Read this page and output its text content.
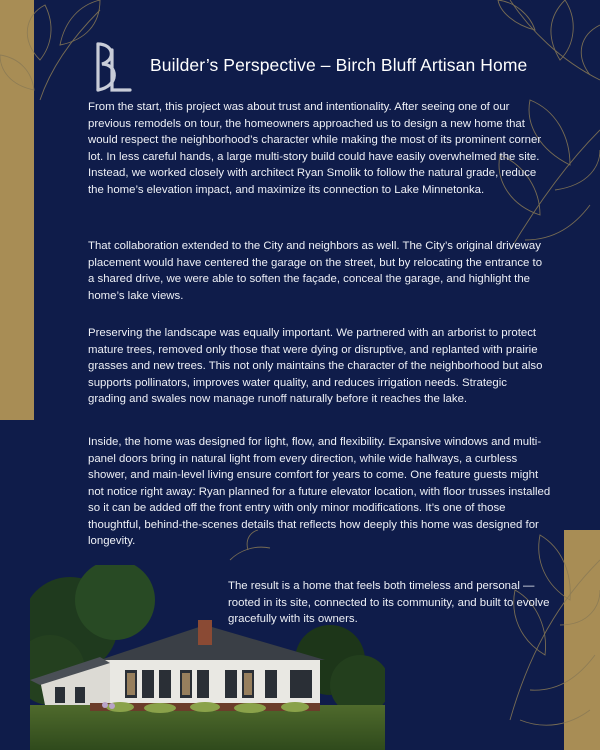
BL Builder’s Perspective – Birch Bluff Artisan Home

From the start, this project was about trust and intentionality. After seeing one of our previous remodels on tour, the homeowners approached us to design a new home that would respect the neighborhood’s character while making the most of its prominent corner lot. In less careful hands, a large multi-story build could have easily overwhelmed the site. Instead, we worked closely with architect Ryan Smolik to follow the natural grade, reduce the home’s elevation impact, and maximize its connection to Lake Minnetonka.

That collaboration extended to the City and neighbors as well. The City’s original driveway placement would have centered the garage on the street, but by relocating the entrance to a shared drive, we were able to soften the façade, conceal the garage, and highlight the home’s lake views.

Preserving the landscape was equally important. We partnered with an arborist to protect mature trees, removed only those that were dying or disruptive, and replanted with prairie grasses and new trees. This not only maintains the character of the neighborhood but also supports pollinators, improves water quality, and reduces irrigation needs. Strategic grading and swales now manage runoff naturally before it reaches the lake.

Inside, the home was designed for light, flow, and flexibility. Expansive windows and multi-panel doors bring in natural light from every direction, while wide hallways, a curbless shower, and main-level living ensure comfort for years to come. One feature guests might not notice right away: Ryan planned for a future elevator location, with floor trusses installed so it can be added off the front entry with only minor modifications. It’s one of those thoughtful, behind-the-scenes details that reflects how deeply this home was designed for longevity.

The result is a home that feels both timeless and personal — rooted in its site, connected to its community, and built to evolve gracefully with its owners.
